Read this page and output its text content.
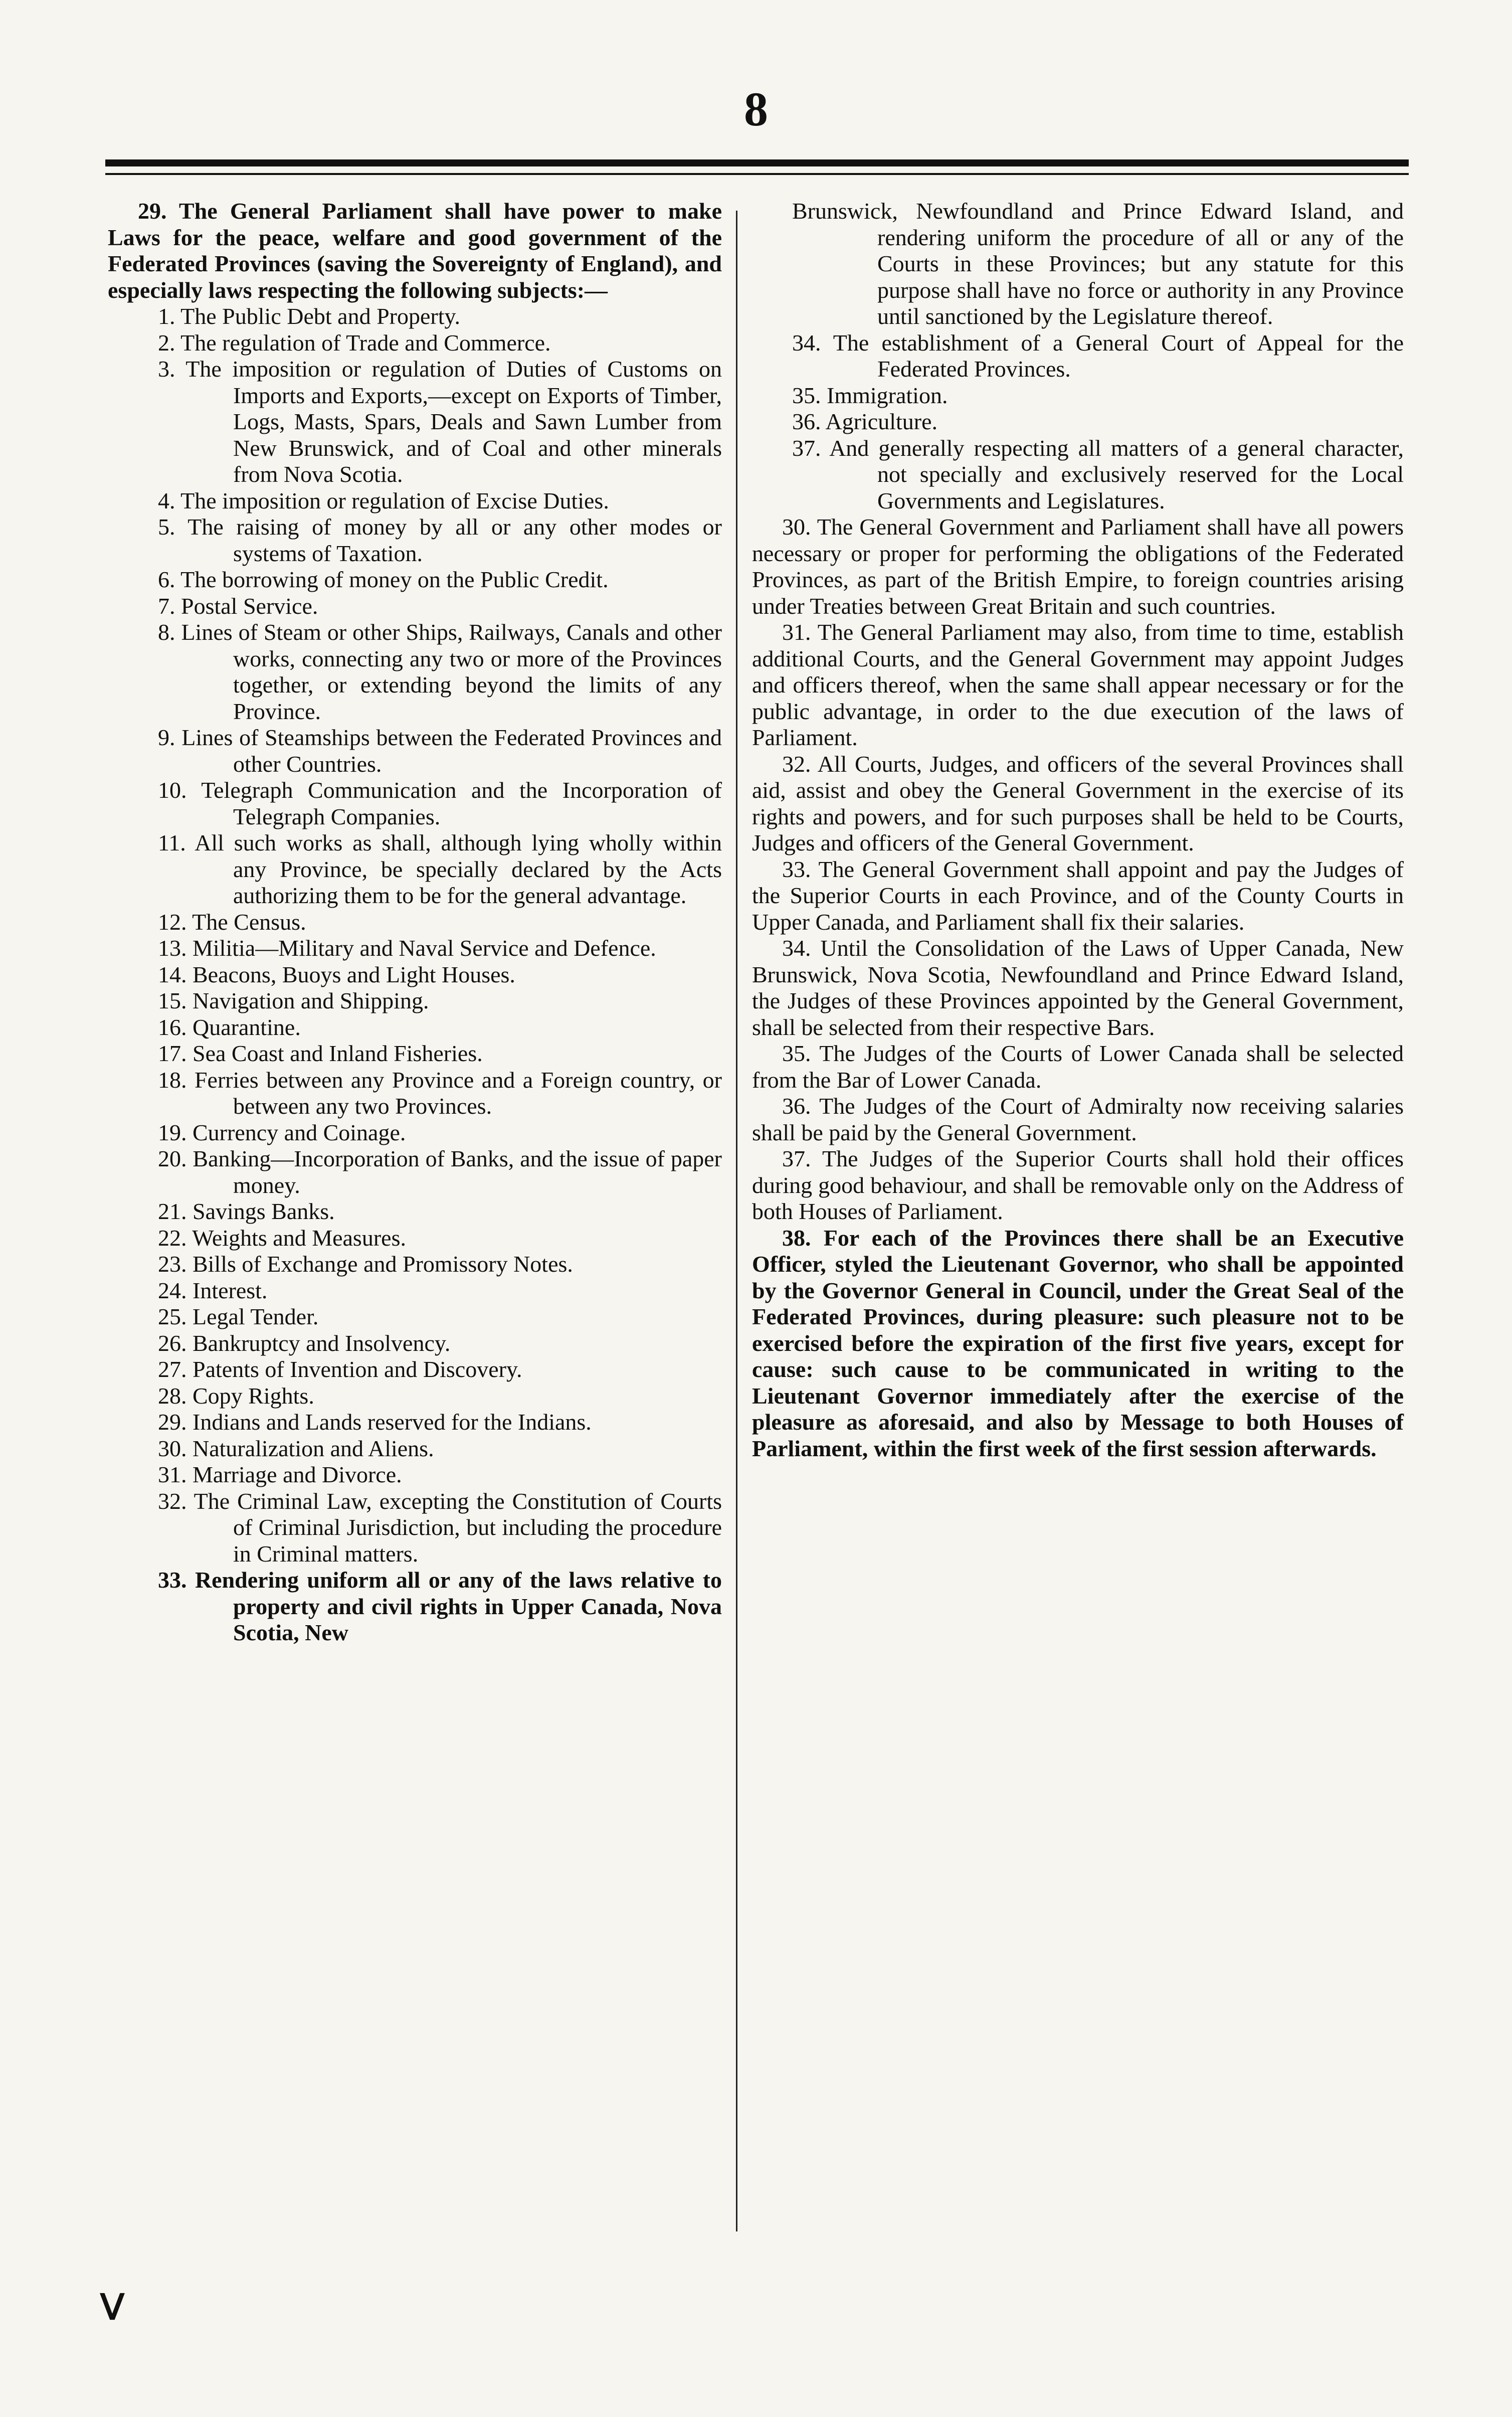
8

29. The General Parliament shall have power to make Laws for the peace, welfare and good government of the Federated Provinces (saving the Sovereignty of England), and especially laws respecting the following subjects:—

1. The Public Debt and Property.

2. The regulation of Trade and Commerce.

3. The imposition or regulation of Duties of Customs on Imports and Exports,—except on Exports of Timber, Logs, Masts, Spars, Deals and Sawn Lumber from New Brunswick, and of Coal and other minerals from Nova Scotia.

4. The imposition or regulation of Excise Duties.

5. The raising of money by all or any other modes or systems of Taxation.

6. The borrowing of money on the Public Credit.

7. Postal Service.

8. Lines of Steam or other Ships, Railways, Canals and other works, connecting any two or more of the Provinces together, or extending beyond the limits of any Province.

9. Lines of Steamships between the Federated Provinces and other Countries.

10. Telegraph Communication and the Incorporation of Telegraph Companies.

11. All such works as shall, although lying wholly within any Province, be specially declared by the Acts authorizing them to be for the general advantage.

12. The Census.

13. Militia—Military and Naval Service and Defence.

14. Beacons, Buoys and Light Houses.

15. Navigation and Shipping.

16. Quarantine.

17. Sea Coast and Inland Fisheries.

18. Ferries between any Province and a Foreign country, or between any two Provinces.

19. Currency and Coinage.

20. Banking—Incorporation of Banks, and the issue of paper money.

21. Savings Banks.

22. Weights and Measures.

23. Bills of Exchange and Promissory Notes.

24. Interest.

25. Legal Tender.

26. Bankruptcy and Insolvency.

27. Patents of Invention and Discovery.

28. Copy Rights.

29. Indians and Lands reserved for the Indians.

30. Naturalization and Aliens.

31. Marriage and Divorce.

32. The Criminal Law, excepting the Constitution of Courts of Criminal Jurisdiction, but including the procedure in Criminal matters.

33. Rendering uniform all or any of the laws relative to property and civil rights in Upper Canada, Nova Scotia, New

Brunswick, Newfoundland and Prince Edward Island, and rendering uniform the procedure of all or any of the Courts in these Provinces; but any statute for this purpose shall have no force or authority in any Province until sanctioned by the Legislature thereof.

34. The establishment of a General Court of Appeal for the Federated Provinces.

35. Immigration.

36. Agriculture.

37. And generally respecting all matters of a general character, not specially and exclusively reserved for the Local Governments and Legislatures.

30. The General Government and Parliament shall have all powers necessary or proper for performing the obligations of the Federated Provinces, as part of the British Empire, to foreign countries arising under Treaties between Great Britain and such countries.

31. The General Parliament may also, from time to time, establish additional Courts, and the General Government may appoint Judges and officers thereof, when the same shall appear necessary or for the public advantage, in order to the due execution of the laws of Parliament.

32. All Courts, Judges, and officers of the several Provinces shall aid, assist and obey the General Government in the exercise of its rights and powers, and for such purposes shall be held to be Courts, Judges and officers of the General Government.

33. The General Government shall appoint and pay the Judges of the Superior Courts in each Province, and of the County Courts in Upper Canada, and Parliament shall fix their salaries.

34. Until the Consolidation of the Laws of Upper Canada, New Brunswick, Nova Scotia, Newfoundland and Prince Edward Island, the Judges of these Provinces appointed by the General Government, shall be selected from their respective Bars.

35. The Judges of the Courts of Lower Canada shall be selected from the Bar of Lower Canada.

36. The Judges of the Court of Admiralty now receiving salaries shall be paid by the General Government.

37. The Judges of the Superior Courts shall hold their offices during good behaviour, and shall be removable only on the Address of both Houses of Parliament.

38. For each of the Provinces there shall be an Executive Officer, styled the Lieutenant Governor, who shall be appointed by the Governor General in Council, under the Great Seal of the Federated Provinces, during pleasure: such pleasure not to be exercised before the expiration of the first five years, except for cause: such cause to be communicated in writing to the Lieutenant Governor immediately after the exercise of the pleasure as aforesaid, and also by Message to both Houses of Parliament, within the first week of the first session afterwards.

ⴸ
